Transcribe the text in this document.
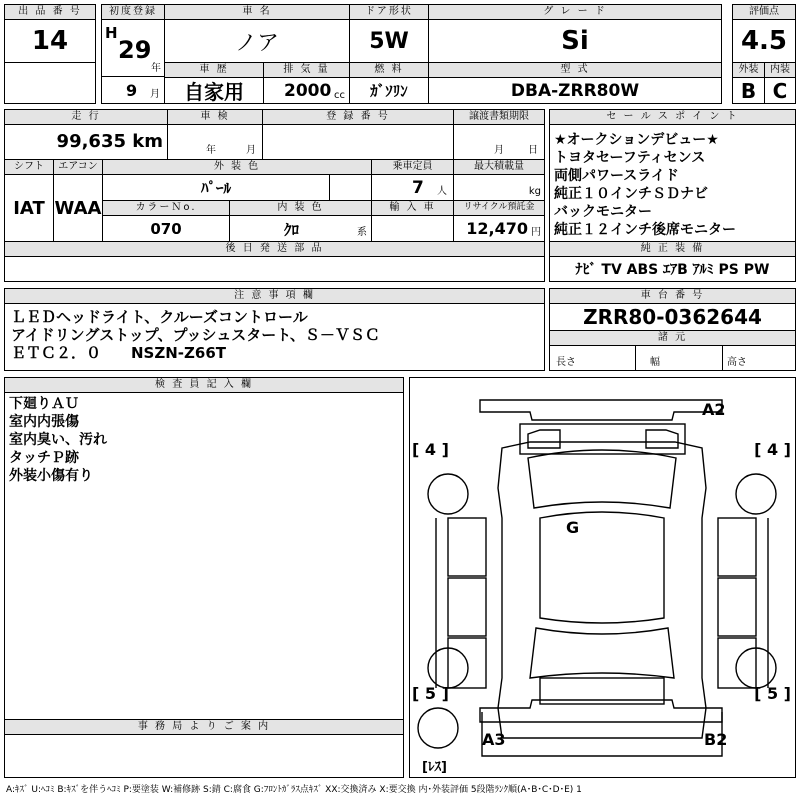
出 品 番 号
14
初度登録
H
29
年
9 月
車 名
ノア
ドア形状
5W
グ レ ー ド
Si
評価点
4.5
外装	内装
B C
車 歴
自家用
排 気 量
2000 cc
燃 料
ｶﾞｿﾘﾝ
型 式
DBA-ZRR80W
走 行
99,635 km
車 検
年	月
登 録 番 号	譲渡書類期限
月 日
シフト	エアコン
IAT WAA
外 装 色
ﾊﾟｰﾙ
乗車定員
7 人
最大積載量
kg
カラーＮo.
070
内 装 色
ｸﾛ	系
輸 入 車	リサイクル預託金
12,470 円
後 日 発 送 部 品
セ ー ル ス ポ イ ン ト
★オークションデビュー★
トヨタセーフティセンス
両側パワースライド
純正１０インチＳＤナビ
バックモニター
純正１２インチ後席モニター
純 正 装 備
ﾅﾋﾞ TV ABS ｴｱB ｱﾙﾐ PS PW
注 意 事 項 欄
ＬＥＤヘッドライト、クルーズコントロール
アイドリングストップ、プッシュスタート、Ｓ－ＶＳＣ
ＥＴＣ２．０　　NSZN-Z66T
車 台 番 号
ZRR80-0362644
諸 元
長さ	幅	高さ
検 査 員 記 入 欄
下廻りＡＵ
室内内張傷
室内臭い、汚れ
タッチＰ跡
外装小傷有り
事 務 局 よ り ご 案 内
[ 4 ]	[ 4 ]
[ 5 ]	[ 5 ]
A2
G
A3	B2
[ﾚｽ]
A:ｷｽﾞ U:ﾍｺﾐ B:ｷｽﾞを伴うﾍｺﾐ P:要塗装 W:補修跡 S:錆 C:腐食 G:ﾌﾛﾝﾄｶﾞﾗｽ点ｷｽﾞ XX:交換済み X:要交換 内･外装評価 5段階ﾗﾝｸ順(A･B･C･D･E) 1
